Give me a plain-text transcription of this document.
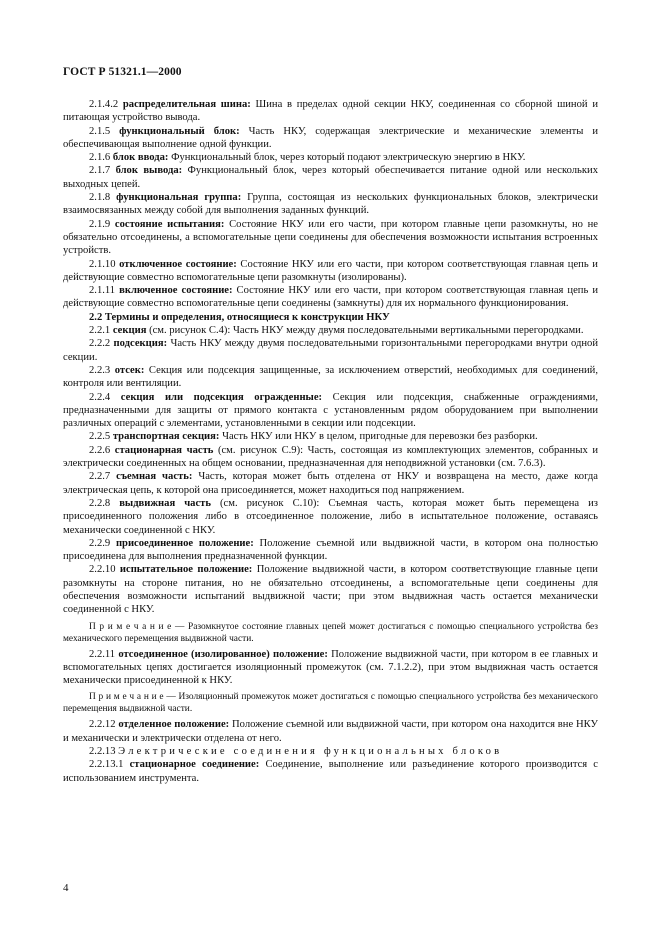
ГОСТ Р 51321.1—2000

2.1.4.2 распределительная шина: Шина в пределах одной секции НКУ, соединенная со сборной шиной и питающая устройство вывода.

2.1.5 функциональный блок: Часть НКУ, содержащая электрические и механические элементы и обеспечивающая выполнение одной функции.

2.1.6 блок ввода: Функциональный блок, через который подают электрическую энергию в НКУ.

2.1.7 блок вывода: Функциональный блок, через который обеспечивается питание одной или нескольких выходных цепей.

2.1.8 функциональная группа: Группа, состоящая из нескольких функциональных блоков, электрически взаимосвязанных между собой для выполнения заданных функций.

2.1.9 состояние испытания: Состояние НКУ или его части, при котором главные цепи разомкнуты, но не обязательно отсоединены, а вспомогательные цепи соединены для обеспечения возможности испытания встроенных устройств.

2.1.10 отключенное состояние: Состояние НКУ или его части, при котором соответствующая главная цепь и действующие совместно вспомогательные цепи разомкнуты (изолированы).

2.1.11 включенное состояние: Состояние НКУ или его части, при котором соответствующая главная цепь и действующие совместно вспомогательные цепи соединены (замкнуты) для их нормального функционирования.

2.2 Термины и определения, относящиеся к конструкции НКУ

2.2.1 секция (см. рисунок С.4): Часть НКУ между двумя последовательными вертикальными перегородками.

2.2.2 подсекция: Часть НКУ между двумя последовательными горизонтальными перегородками внутри одной секции.

2.2.3 отсек: Секция или подсекция защищенные, за исключением отверстий, необходимых для соединений, контроля или вентиляции.

2.2.4 секция или подсекция огражденные: Секция или подсекция, снабженные ограждениями, предназначенными для защиты от прямого контакта с установленным рядом оборудованием при выполнении различных операций с элементами, установленными в секции или подсекции.

2.2.5 транспортная секция: Часть НКУ или НКУ в целом, пригодные для перевозки без разборки.

2.2.6 стационарная часть (см. рисунок С.9): Часть, состоящая из комплектующих элементов, собранных и электрически соединенных на общем основании, предназначенная для неподвижной установки (см. 7.6.3).

2.2.7 съемная часть: Часть, которая может быть отделена от НКУ и возвращена на место, даже когда электрическая цепь, к которой она присоединяется, может находиться под напряжением.

2.2.8 выдвижная часть (см. рисунок С.10): Съемная часть, которая может быть перемещена из присоединенного положения либо в отсоединенное положение, либо в испытательное положение, оставаясь механически соединенной с НКУ.

2.2.9 присоединенное положение: Положение съемной или выдвижной части, в котором она полностью присоединена для выполнения предназначенной функции.

2.2.10 испытательное положение: Положение выдвижной части, в котором соответствующие главные цепи разомкнуты на стороне питания, но не обязательно отсоединены, а вспомогательные цепи соединены для обеспечения возможности испытаний выдвижной части; при этом выдвижная часть остается механически соединенной с НКУ.

П р и м е ч а н и е — Разомкнутое состояние главных цепей может достигаться с помощью специального устройства без механического перемещения выдвижной части.

2.2.11 отсоединенное (изолированное) положение: Положение выдвижной части, при котором в ее главных и вспомогательных цепях достигается изоляционный промежуток (см. 7.1.2.2), при этом выдвижная часть остается механически присоединенной к НКУ.

П р и м е ч а н и е — Изоляционный промежуток может достигаться с помощью специального устройства без механического перемещения выдвижной части.

2.2.12 отделенное положение: Положение съемной или выдвижной части, при котором она находится вне НКУ и механически и электрически отделена от него.

2.2.13 Электрические соединения функциональных блоков

2.2.13.1 стационарное соединение: Соединение, выполнение или разъединение которого производится с использованием инструмента.

4
